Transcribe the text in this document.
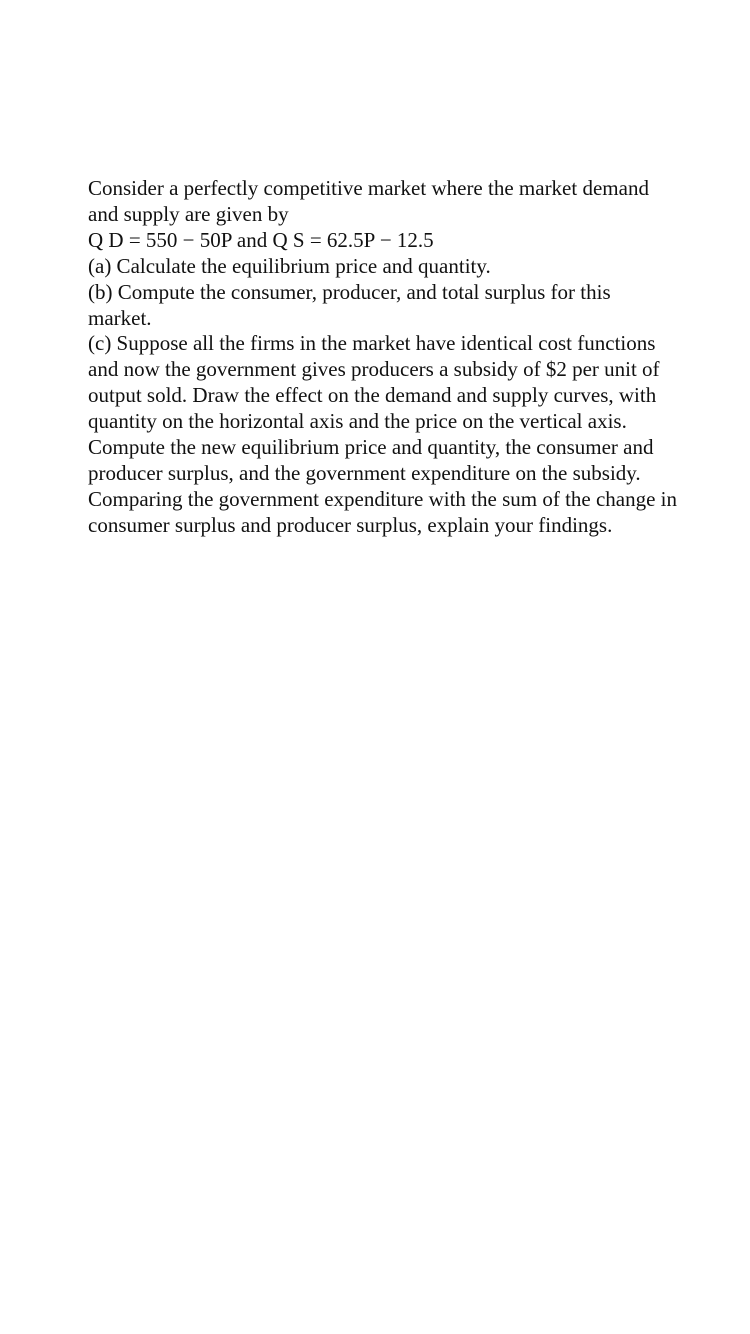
Consider a perfectly competitive market where the market demand and supply are given by

Q D = 550 − 50P and Q S = 62.5P − 12.5

(a) Calculate the equilibrium price and quantity.

(b) Compute the consumer, producer, and total surplus for this market.

(c) Suppose all the firms in the market have identical cost functions and now the government gives producers a subsidy of $2 per unit of output sold. Draw the effect on the demand and supply curves, with quantity on the horizontal axis and the price on the vertical axis. Compute the new equilibrium price and quantity, the consumer and producer surplus, and the government expenditure on the subsidy. Comparing the government expenditure with the sum of the change in consumer surplus and producer surplus, explain your findings.
